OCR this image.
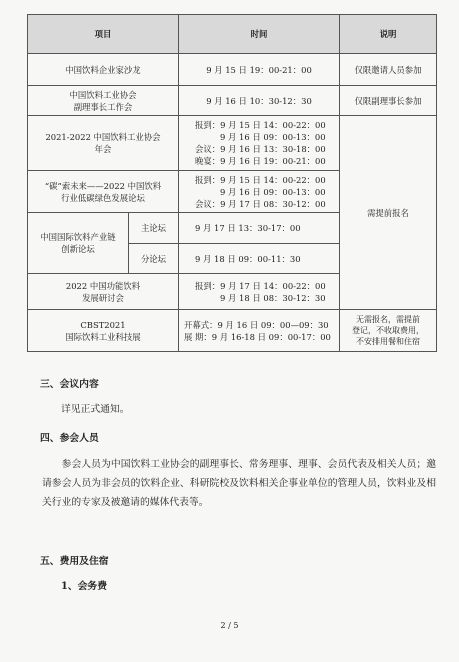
项目		时间	说明

中国饮料企业家沙龙		9 月 15 日 19：00-21：00	仅限邀请人员参加

中国饮料工业协会
副理事长工作会		9 月 16 日 10：30-12：30	仅限副理事长参加

2021-2022 中国饮料工业协会
年会		报到：9 月 15 日 14：00-22：00
9 月 16 日 09：00-13：00
会议：9 月 16 日 13：30-18：00
晚宴：9 月 16 日 19：00-21：00	需提前报名

“碳”索未来——2022 中国饮料
行业低碳绿色发展论坛		报到：9 月 15 日 14：00-22：00
9 月 16 日 09：00-13：00
会议：9 月 17 日 08：30-12：00	

中国国际饮料产业链
创新论坛	主论坛	9 月 17 日 13：30-17：00	

	分论坛	9 月 18 日 09：00-11：30	

2022 中国功能饮料
发展研讨会		报到：9 月 17 日 14：00-22：00
9 月 18 日 08：30-12：30	

CBST2021
国际饮料工业科技展		开幕式：9 月 16 日 09：00—09：30
展 期：9 月 16-18 日 09：00-17：00	无需报名，需提前
登记，不收取费用，
不安排用餐和住宿
三、会议内容
详见正式通知。
四、参会人员
参会人员为中国饮料工业协会的副理事长、常务理事、理事、会员代表及相关人员；邀请参会人员为非会员的饮料企业、科研院校及饮料相关企事业单位的管理人员，饮料业及相关行业的专家及被邀请的媒体代表等。
五、费用及住宿
1、会务费
2 / 5
